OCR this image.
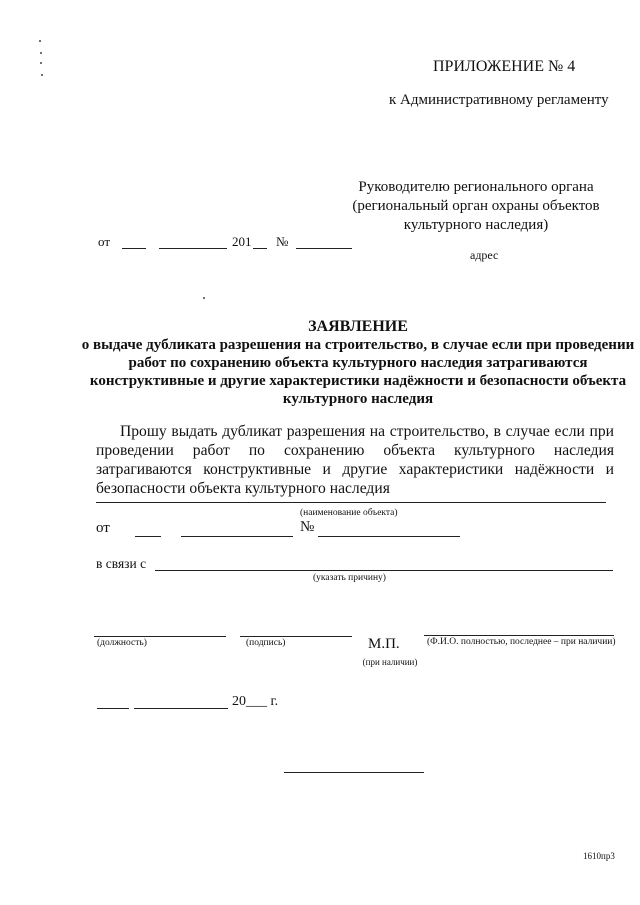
ПРИЛОЖЕНИЕ № 4
к Административному регламенту
Руководителю регионального органа (региональный орган охраны объектов культурного наследия)
от	201 №
адрес
ЗАЯВЛЕНИЕ
о выдаче дубликата разрешения на строительство, в случае если при проведении работ по сохранению объекта культурного наследия затрагиваются конструктивные и другие характеристики надёжности и безопасности объекта культурного наследия
Прошу выдать дубликат разрешения на строительство, в случае если при проведении работ по сохранению объекта культурного наследия затрагиваются конструктивные и другие характеристики надёжности и безопасности объекта культурного наследия
(наименование объекта)
от	№
в связи с
(указать причину)
(должность)	(подпись)	М.П.
(при наличии)
(Ф.И.О. полностью, последнее – при наличии)
20___ г.
1610пр3
